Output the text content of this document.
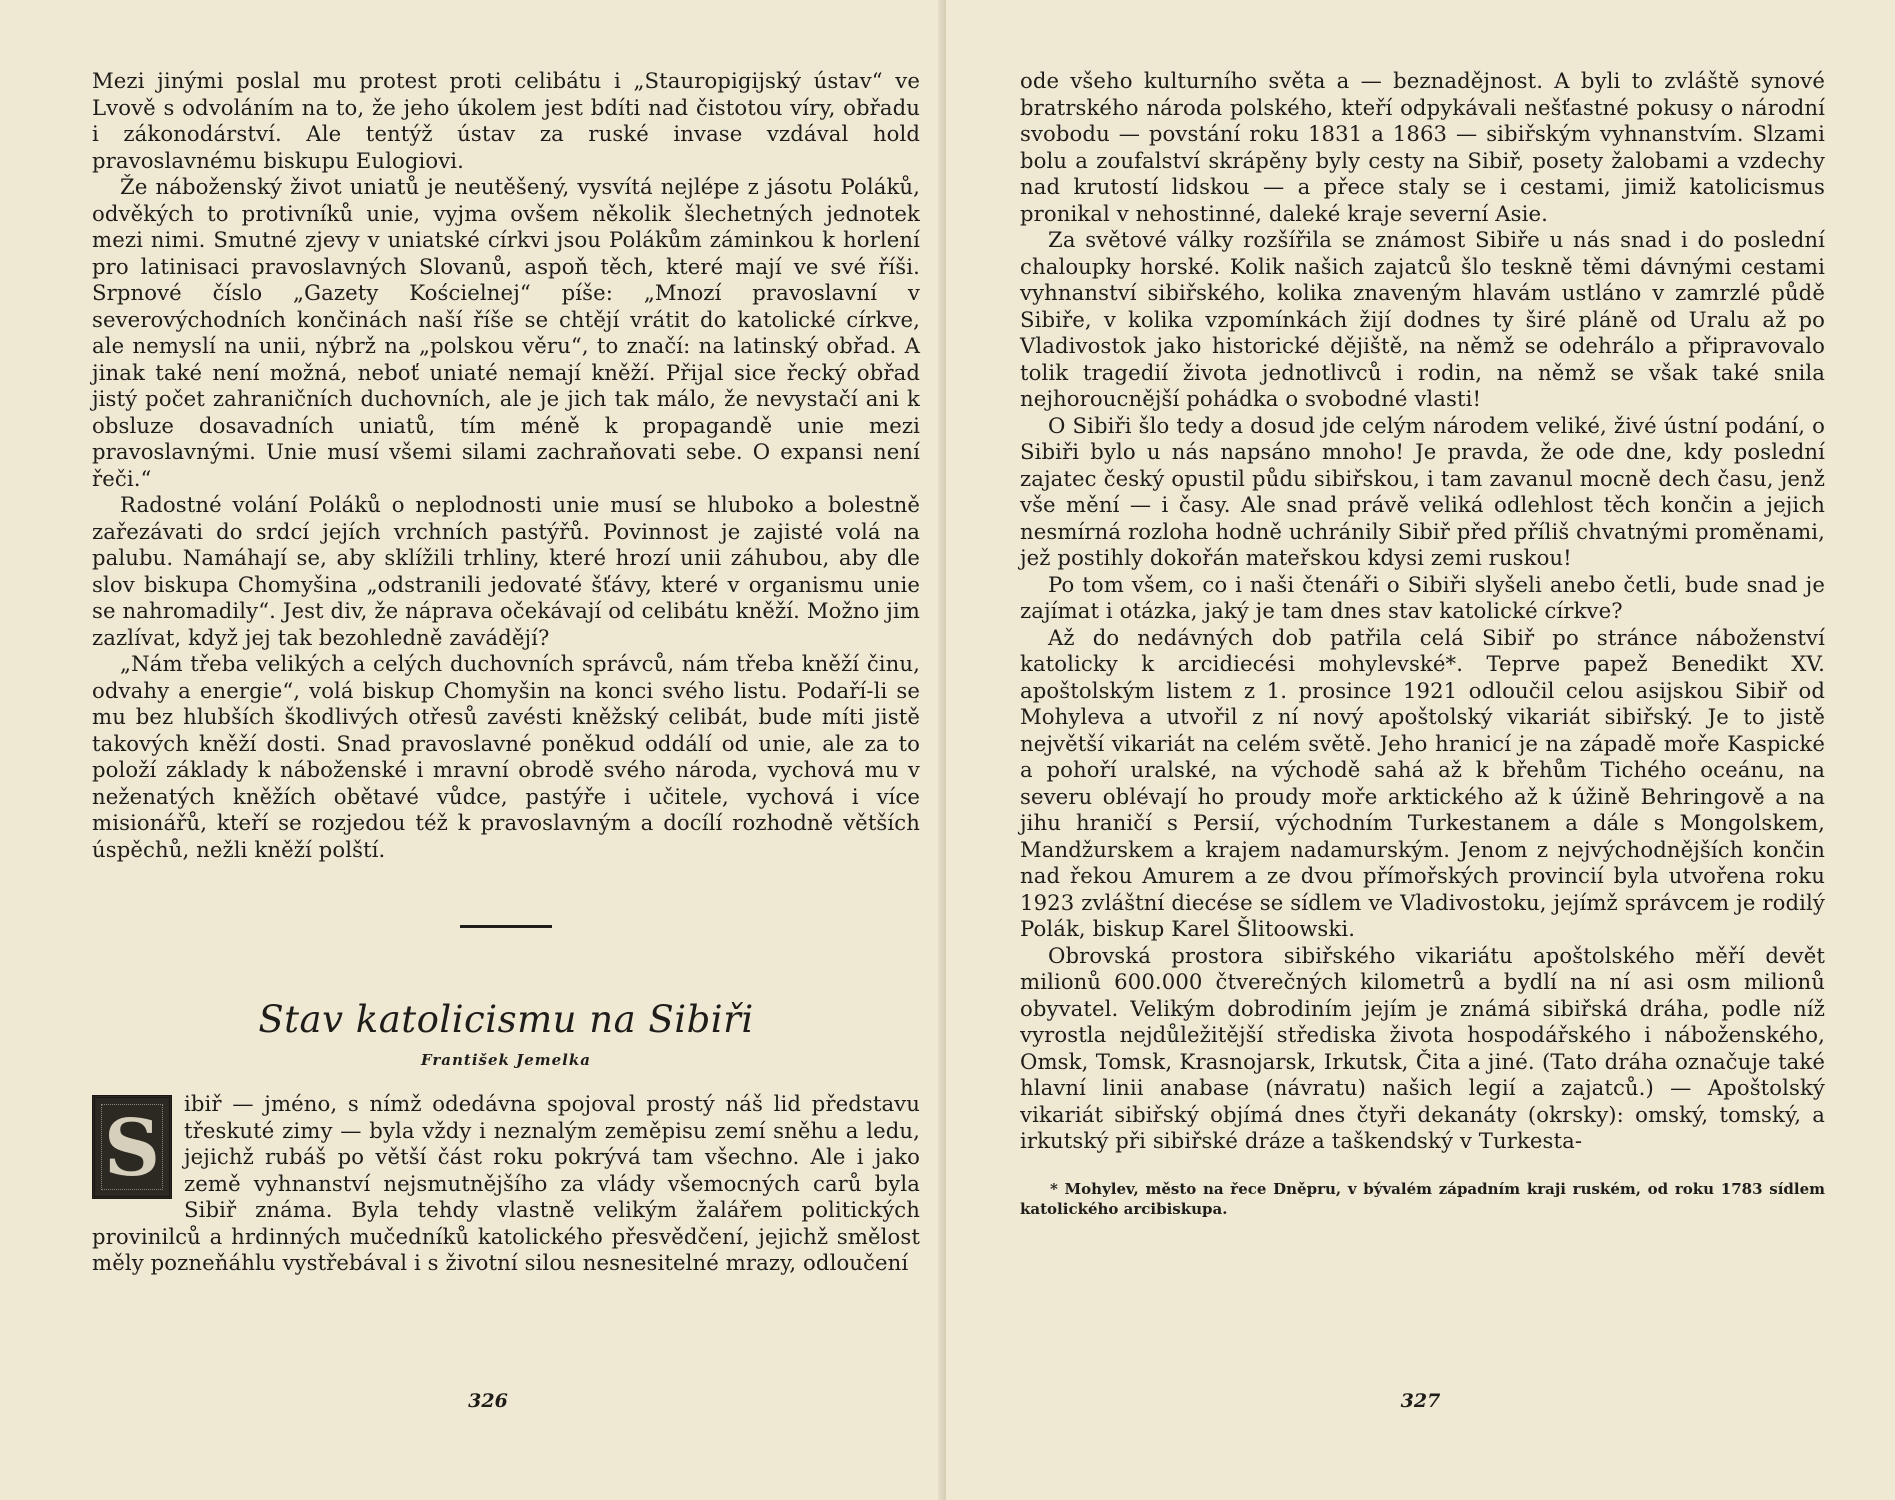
Mezi jinými poslal mu protest proti celibátu i „Stauropigijský ústav“ ve Lvově s odvoláním na to, že jeho úkolem jest bdíti nad čistotou víry, obřadu i zákonodárství. Ale tentýž ústav za ruské invase vzdával hold pravoslavnému biskupu Eulogiovi.

Že náboženský život uniatů je neutěšený, vysvítá nejlépe z jásotu Poláků, odvěkých to protivníků unie, vyjma ovšem několik šlechetných jednotek mezi nimi. Smutné zjevy v uniatské církvi jsou Polákům záminkou k horlení pro latinisaci pravoslavných Slovanů, aspoň těch, které mají ve své říši. Srpnové číslo „Gazety Kościelnej“ píše: „Mnozí pravoslavní v severovýchodních končinách naší říše se chtějí vrátit do katolické církve, ale nemyslí na unii, nýbrž na „polskou věru“, to značí: na latinský obřad. A jinak také není možná, neboť uniaté nemají kněží. Přijal sice řecký obřad jistý počet zahraničních duchovních, ale je jich tak málo, že nevystačí ani k obsluze dosavadních uniatů, tím méně k propagandě unie mezi pravoslavnými. Unie musí všemi silami zachraňovati sebe. O expansi není řeči.“

Radostné volání Poláků o neplodnosti unie musí se hluboko a bolestně zařezávati do srdcí jejích vrchních pastýřů. Povinnost je zajisté volá na palubu. Namáhají se, aby sklížili trhliny, které hrozí unii záhubou, aby dle slov biskupa Chomyšina „odstranili jedovaté šťávy, které v organismu unie se nahromadily“. Jest div, že náprava očekávají od celibátu kněží. Možno jim zazlívat, když jej tak bezohledně zavádějí?

„Nám třeba velikých a celých duchovních správců, nám třeba kněží činu, odvahy a energie“, volá biskup Chomyšin na konci svého listu. Podaří-li se mu bez hlubších škodlivých otřesů zavésti kněžský celibát, bude míti jistě takových kněží dosti. Snad pravoslavné poněkud oddálí od unie, ale za to položí základy k náboženské i mravní obrodě svého národa, vychová mu v neženatých kněžích obětavé vůdce, pastýře i učitele, vychová i více misionářů, kteří se rozjedou též k pravoslavným a docílí rozhodně větších úspěchů, nežli kněží polští.

Stav katolicismu na Sibiři
František Jemelka
S	ibiř — jméno, s nímž odedávna spojoval prostý náš lid představu třeskuté zimy — byla vždy i neznalým zeměpisu zemí sněhu a ledu, jejichž rubáš po větší část roku pokrývá tam všechno. Ale i jako země vyhnanství nejsmutnějšího za vlády všemocných carů byla Sibiř známa. Byla tehdy vlastně velikým žalářem politických provinilců a hrdinných mučedníků katolického přesvědčení, jejichž smělost měly pozneňáhlu vystřebával i s životní silou nesnesitelné mrazy, odloučení

326

ode všeho kulturního světa a — beznadějnost. A byli to zvláště synové bratrského národa polského, kteří odpykávali nešťastné pokusy o národní svobodu — povstání roku 1831 a 1863 — sibiřským vyhnanstvím. Slzami bolu a zoufalství skrápěny byly cesty na Sibiř, posety žalobami a vzdechy nad krutostí lidskou — a přece staly se i cestami, jimiž katolicismus pronikal v nehostinné, daleké kraje severní Asie.

Za světové války rozšířila se známost Sibiře u nás snad i do poslední chaloupky horské. Kolik našich zajatců šlo teskně těmi dávnými cestami vyhnanství sibiřského, kolika znaveným hlavám ustláno v zamrzlé půdě Sibiře, v kolika vzpomínkách žijí dodnes ty širé pláně od Uralu až po Vladivostok jako historické dějiště, na němž se odehrálo a připravovalo tolik tragedií života jednotlivců i rodin, na němž se však také snila nejhoroucnější pohádka o svobodné vlasti!

O Sibiři šlo tedy a dosud jde celým národem veliké, živé ústní podání, o Sibiři bylo u nás napsáno mnoho! Je pravda, že ode dne, kdy poslední zajatec český opustil půdu sibiřskou, i tam zavanul mocně dech času, jenž vše mění — i časy. Ale snad právě veliká odlehlost těch končin a jejich nesmírná rozloha hodně uchránily Sibiř před příliš chvatnými proměnami, jež postihly dokořán mateřskou kdysi zemi ruskou!

Po tom všem, co i naši čtenáři o Sibiři slyšeli anebo četli, bude snad je zajímat i otázka, jaký je tam dnes stav katolické církve?

Až do nedávných dob patřila celá Sibiř po stránce náboženství katolicky k arcidiecési mohylevské*. Teprve papež Benedikt XV. apoštolským listem z 1. prosince 1921 odloučil celou asijskou Sibiř od Mohyleva a utvořil z ní nový apoštolský vikariát sibiřský. Je to jistě největší vikariát na celém světě. Jeho hranicí je na západě moře Kaspické a pohoří uralské, na východě sahá až k břehům Tichého oceánu, na severu oblévají ho proudy moře arktického až k úžině Behringově a na jihu hraničí s Persií, východním Turkestanem a dále s Mongolskem, Mandžurskem a krajem nadamurským. Jenom z nejvýchodnějších končin nad řekou Amurem a ze dvou přímořských provincií byla utvořena roku 1923 zvláštní diecése se sídlem ve Vladivostoku, jejímž správcem je rodilý Polák, biskup Karel Šlitoowski.

Obrovská prostora sibiřského vikariátu apoštolského měří devět milionů 600.000 čtverečných kilometrů a bydlí na ní asi osm milionů obyvatel. Velikým dobrodiním jejím je známá sibiřská dráha, podle níž vyrostla nejdůležitější střediska života hospodářského i náboženského, Omsk, Tomsk, Krasnojarsk, Irkutsk, Čita a jiné. (Tato dráha označuje také hlavní linii anabase (návratu) našich legií a zajatců.) — Apoštolský vikariát sibiřský objímá dnes čtyři dekanáty (okrsky): omský, tomský, a irkutský při sibiřské dráze a taškendský v Turkesta-

* Mohylev, město na řece Dněpru, v bývalém západním kraji ruském, od roku 1783 sídlem katolického arcibiskupa.

327
